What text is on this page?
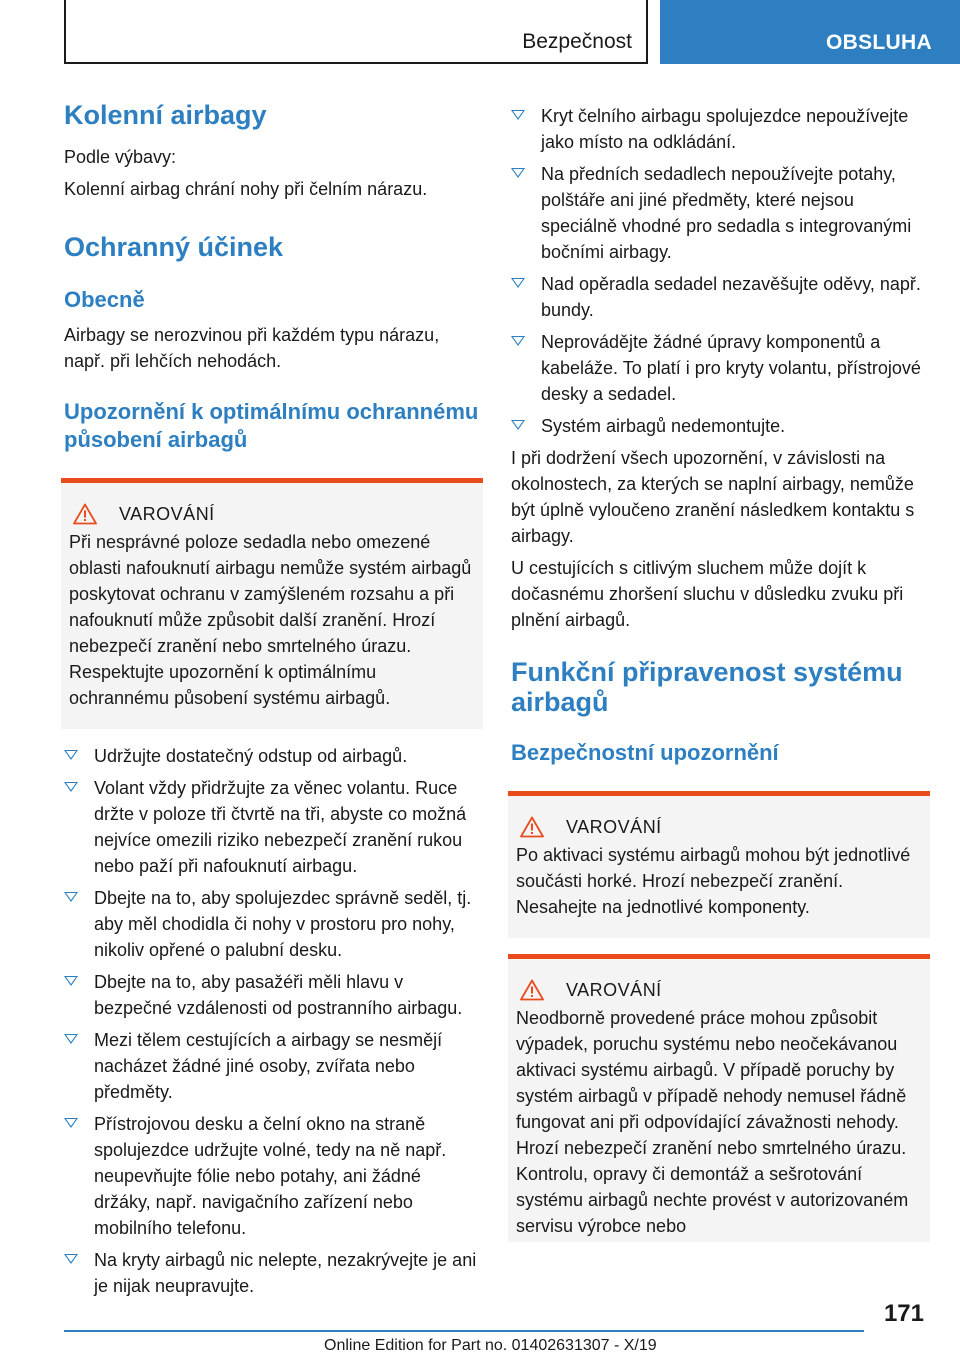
Bezpečnost	OBSLUHA
Kolenní airbagy

Podle výbavy:

Kolenní airbag chrání nohy při čelním nárazu.

Ochranný účinek
Obecně

Airbagy se nerozvinou při každém typu nárazu, např. při lehčích nehodách.

Upozornění k optimálnímu ochrannému působení airbagů
VAROVÁNÍ

Při nesprávné poloze sedadla nebo omezené oblasti nafouknutí airbagu nemůže systém airbagů poskytovat ochranu v zamýšleném rozsahu a při nafouknutí může způsobit další zranění. Hrozí nebezpečí zranění nebo smrtelného úrazu. Respektujte upozornění k optimálnímu ochrannému působení systému airbagů.

Udržujte dostatečný odstup od airbagů.
Volant vždy přidržujte za věnec volantu. Ruce držte v poloze tři čtvrtě na tři, abyste co možná nejvíce omezili riziko nebezpečí zranění rukou nebo paží při nafouknutí airbagu.
Dbejte na to, aby spolujezdec správně seděl, tj. aby měl chodidla či nohy v prostoru pro nohy, nikoliv opřené o palubní desku.
Dbejte na to, aby pasažéři měli hlavu v bezpečné vzdálenosti od postranního airbagu.
Mezi tělem cestujících a airbagy se nesmějí nacházet žádné jiné osoby, zvířata nebo předměty.
Přístrojovou desku a čelní okno na straně spolujezdce udržujte volné, tedy na ně např. neupevňujte fólie nebo potahy, ani žádné držáky, např. navigačního zařízení nebo mobilního telefonu.
Na kryty airbagů nic nelepte, nezakrývejte je ani je nijak neupravujte.
Kryt čelního airbagu spolujezdce nepoužívejte jako místo na odkládání.
Na předních sedadlech nepoužívejte potahy, polštáře ani jiné předměty, které nejsou speciálně vhodné pro sedadla s integrovanými bočními airbagy.
Nad opěradla sedadel nezavěšujte oděvy, např. bundy.
Neprovádějte žádné úpravy komponentů a kabeláže. To platí i pro kryty volantu, přístrojové desky a sedadel.
Systém airbagů nedemontujte.

I při dodržení všech upozornění, v závislosti na okolnostech, za kterých se naplní airbagy, nemůže být úplně vyloučeno zranění následkem kontaktu s airbagy.

U cestujících s citlivým sluchem může dojít k dočasnému zhoršení sluchu v důsledku zvuku při plnění airbagů.

Funkční připravenost systému airbagů
Bezpečnostní upozornění
VAROVÁNÍ

Po aktivaci systému airbagů mohou být jednotlivé součásti horké. Hrozí nebezpečí zranění. Nesahejte na jednotlivé komponenty.

VAROVÁNÍ

Neodborně provedené práce mohou způsobit výpadek, poruchu systému nebo neočekávanou aktivaci systému airbagů. V případě poruchy by systém airbagů v případě nehody nemusel řádně fungovat ani při odpovídající závažnosti nehody. Hrozí nebezpečí zranění nebo smrtelného úrazu. Kontrolu, opravy či demontáž a sešrotování systému airbagů nechte provést v autorizovaném servisu výrobce nebo

171
Online Edition for Part no. 01402631307 - X/19
